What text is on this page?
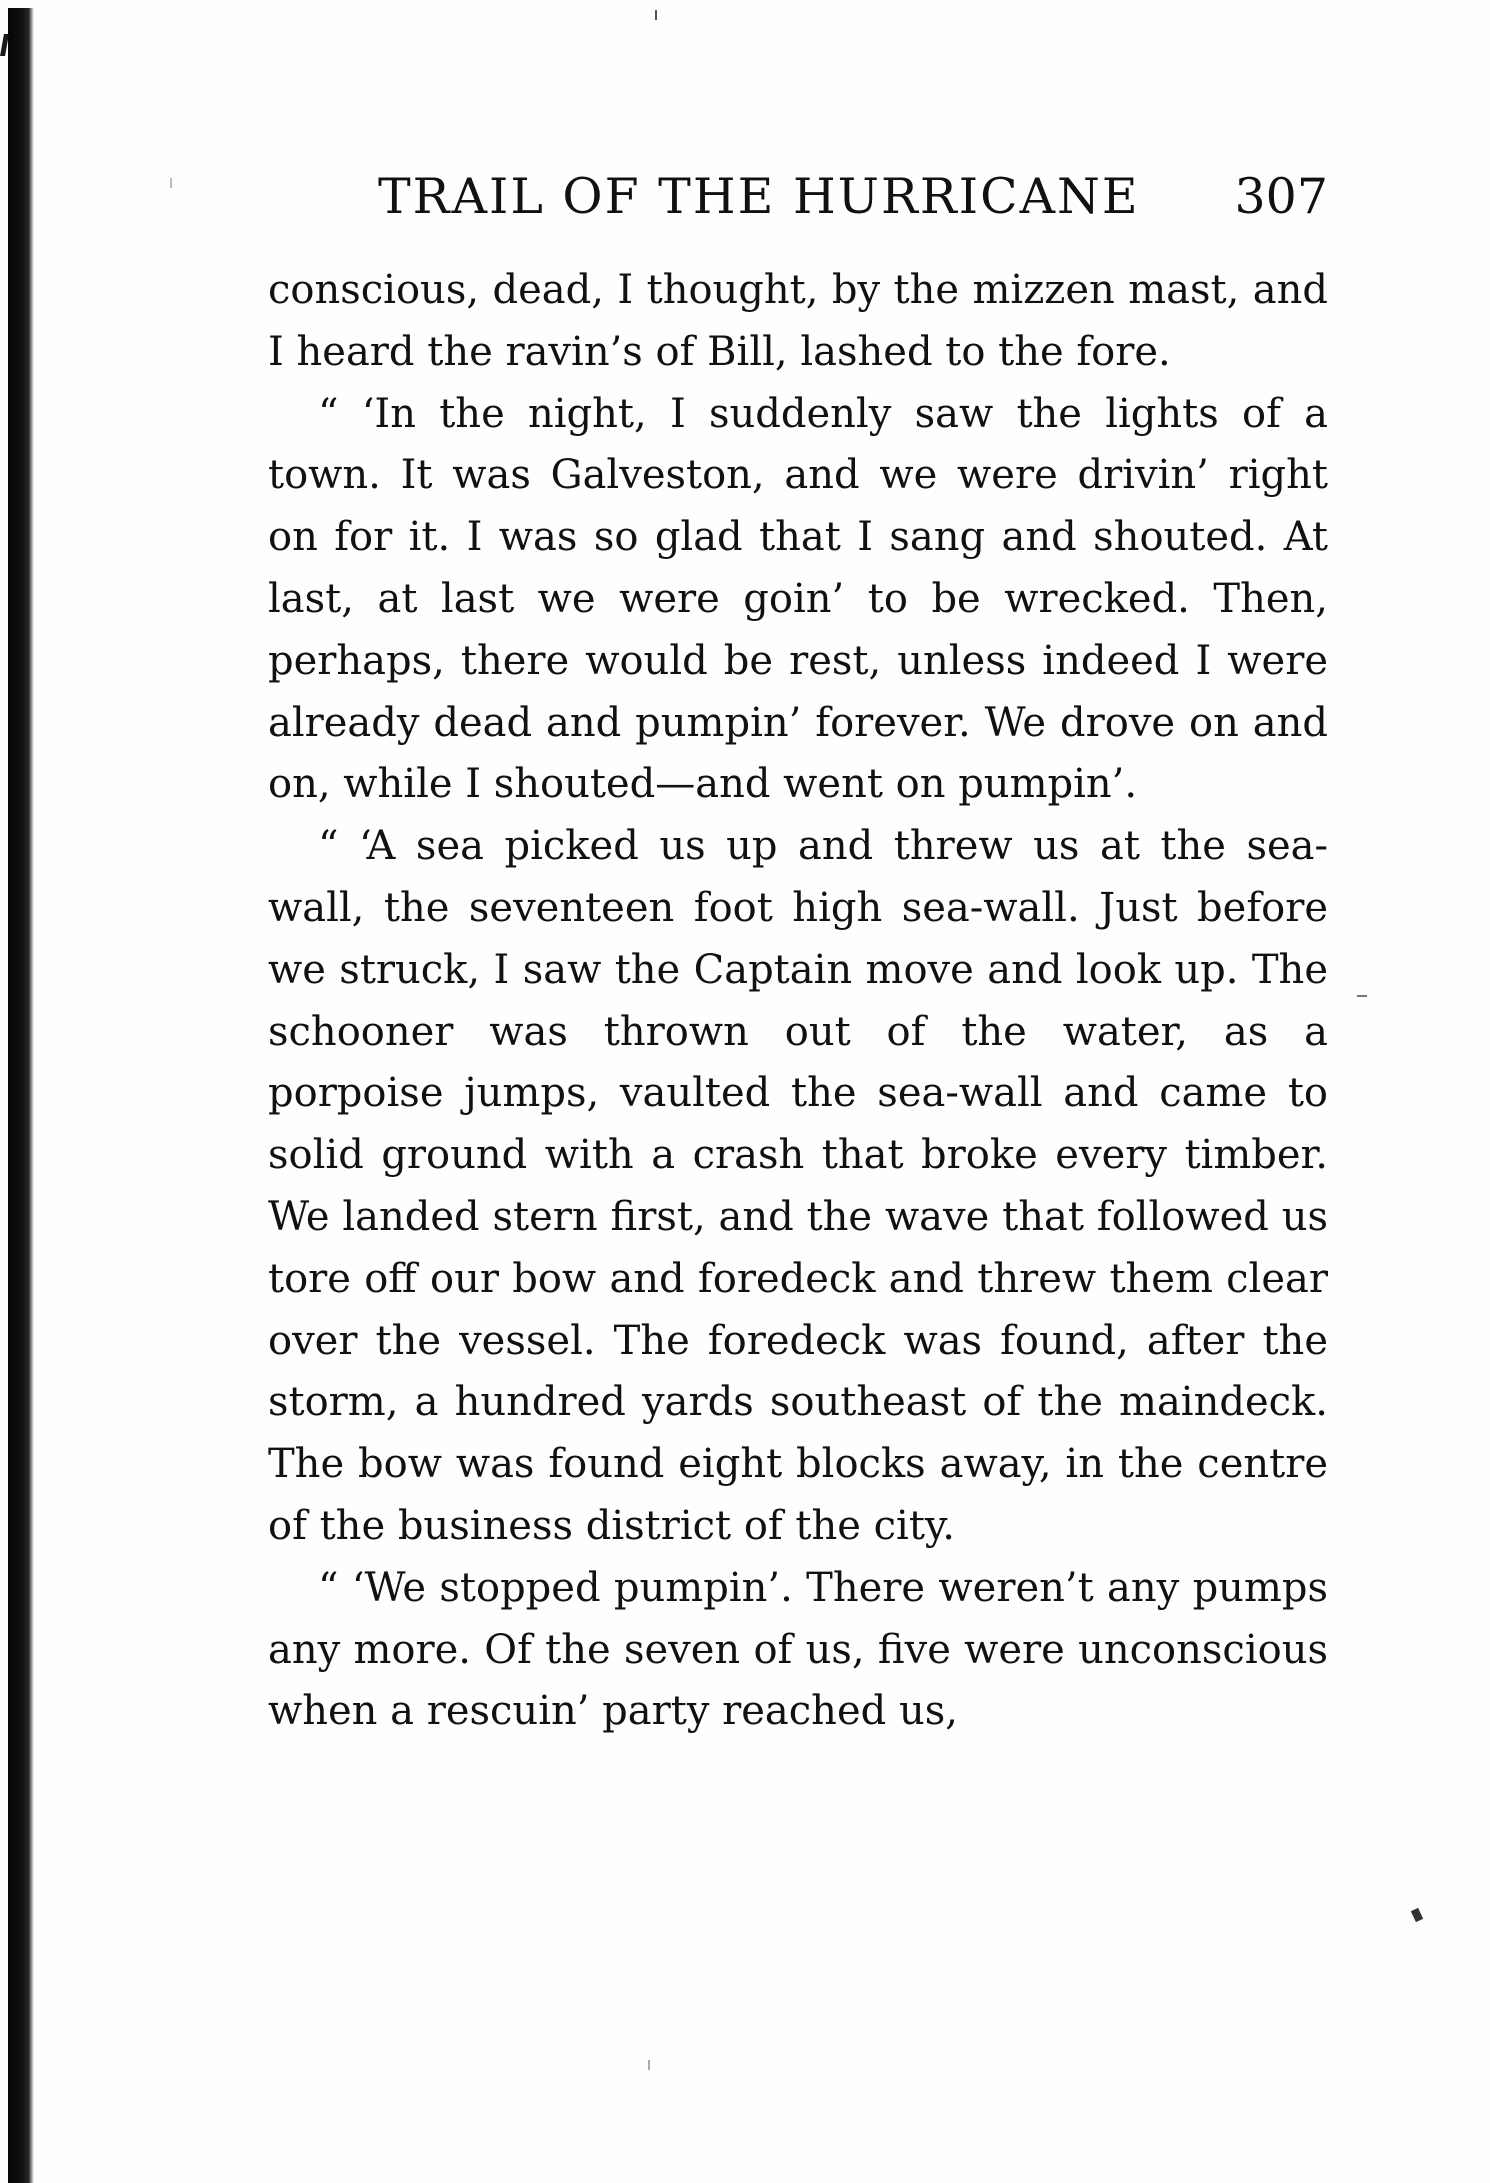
TRAIL OF THE HURRICANE 307

conscious, dead, I thought, by the mizzen mast, and I heard the ravin’s of Bill, lashed to the fore.

“ ‘In the night, I suddenly saw the lights of a town. It was Galveston, and we were drivin’ right on for it. I was so glad that I sang and shouted. At last, at last we were goin’ to be wrecked. Then, perhaps, there would be rest, unless indeed I were already dead and pumpin’ forever. We drove on and on, while I shouted—and went on pumpin’.

“ ‘A sea picked us up and threw us at the sea-wall, the seventeen foot high sea-wall. Just before we struck, I saw the Captain move and look up. The schooner was thrown out of the water, as a porpoise jumps, vaulted the sea-wall and came to solid ground with a crash that broke every timber. We landed stern first, and the wave that followed us tore off our bow and foredeck and threw them clear over the vessel. The foredeck was found, after the storm, a hundred yards southeast of the maindeck. The bow was found eight blocks away, in the centre of the business district of the city.

“ ‘We stopped pumpin’. There weren’t any pumps any more. Of the seven of us, five were unconscious when a rescuin’ party reached us,
